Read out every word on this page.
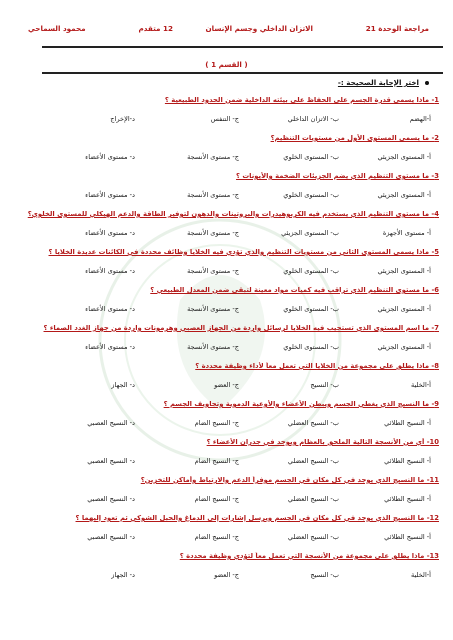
مراجعة الوحدة 21
الاتزان الداخلي وجسم الإنسان
12 متقدم
محمود السماحي
( القسم 1 )
اختر الإجابة الصحيحة :-
1- ماذا يسمى قدرة الجسم على الحفاظ على بيئته الداخلية ضمن الحدود الطبيعية ؟
أ-الهضم
ب- الاتزان الداخلي
ج- التنفس
د-الإخراج
2- ما يسمى المستوى الأول من مستويات التنظيم؟
أ- المستوى الجزيئي
ب- المستوى الخلوي
ج- مستوى الأنسجة
د- مستوى الأعضاء
3- ما مستوى التنظيم الذي يضم الجزيئات الضخمة والأيونات ؟
أ- المستوى الجزيئي
ب- المستوى الخلوي
ج- مستوى الأنسجة
د- مستوى الأعضاء
4- ما مستوى التنظيم الذي يستخدم فيه الكربوهيدرات والبروتينات والدهون لتوفير الطاقة والدعم الهيكلي للمستوى الخلوي؟
أ- مستوى الأجهزة
ب- المستوى الجزيئي
ج- مستوى الأنسجة
د- مستوى الأعضاء
5- ماذا يسمى المستوى الثاني من مستويات التنظيم والذي تؤدي فيه الخلايا وظائف محددة في الكائنات عديدة الخلايا ؟
أ- المستوى الجزيئي
ب- المستوى الخلوي
ج- مستوى الأنسجة
د- مستوى الأعضاء
6- ما مستوى التنظيم الذي تراقب فيه كميات مواد معينة لتبقى ضمن المعدل الطبيعي ؟
أ- المستوى الجزيئي
ب- المستوى الخلوي
ج- مستوى الأنسجة
د- مستوى الأعضاء
7- ما اسم المستوى الذي تستجيب فيه الخلايا لرسائل واردة من الجهاز العصبي وهرمونات واردة من جهاز الغدد الصماء ؟
أ- المستوى الجزيئي
ب- المستوى الخلوي
ج- مستوى الأنسجة
د- مستوى الأعضاء
8- ماذا يطلق على مجموعة من الخلايا التي تعمل معاً لأداء وظيفة محددة ؟
أ-الخلية
ب- النسيج
ج- العضو
د- الجهاز
9- ما النسيج الذي يغطي الجسم ويبطن الأعضاء والأوعية الدموية وتجاويف الجسم ؟
أ- النسيج الطلائي
ب- النسيج العضلي
ج- النسيج الضام
د- النسيج العصبي
10- أي من الأنسجة التالية الملحق بالعظام ويوجد في جدران الأعضاء ؟
أ- النسيج الطلائي
ب- النسيج العضلي
ج- النسيج الضام
د- النسيج العصبي
11- ما النسيج الذي يوجد في كل مكان في الجسم موفراً الدعم والارتباط وأماكن للتخزين؟
أ- النسيج الطلائي
ب- النسيج العضلي
ج- النسيج الضام
د- النسيج العصبي
12- ما النسيج الذي يوجد في كل مكان في الجسم ويرسل إشارات إلى الدماغ والحبل الشوكي ثم تعود إليهما ؟
أ- النسيج الطلائي
ب- النسيج العضلي
ج- النسيج الضام
د- النسيج العصبي
13- ماذا يطلق على مجموعة من الأنسجة التي تعمل معاً لتؤدي وظيفة محددة ؟
أ-الخلية
ب- النسيج
ج- العضو
د- الجهاز
